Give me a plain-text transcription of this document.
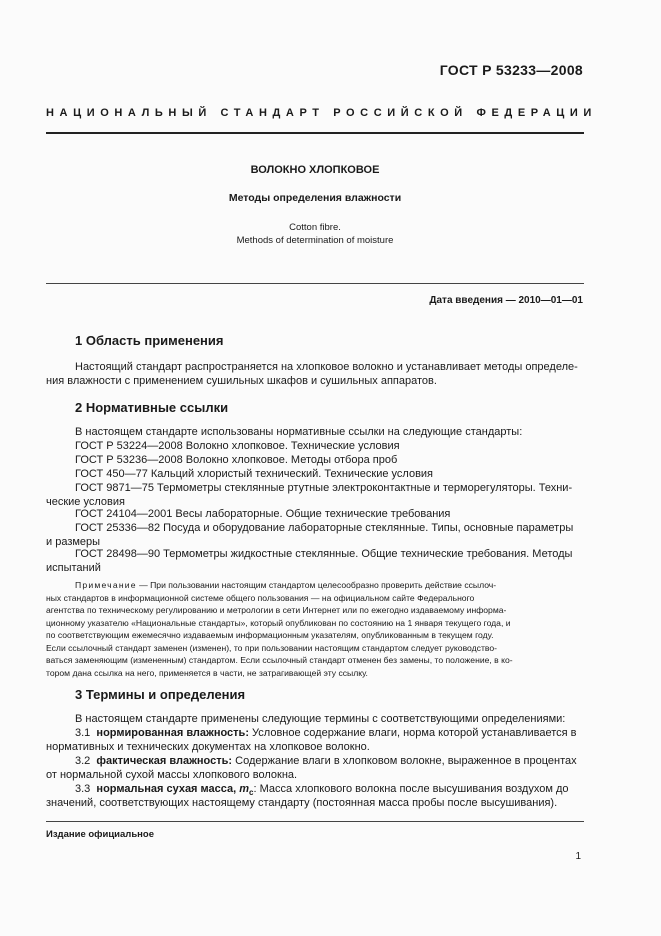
ГОСТ Р 53233—2008
НАЦИОНАЛЬНЫЙ СТАНДАРТ РОССИЙСКОЙ ФЕДЕРАЦИИ
ВОЛОКНО ХЛОПКОВОЕ
Методы определения влажности
Cotton fibre.
Methods of determination of moisture
Дата введения — 2010—01—01
1 Область применения
Настоящий стандарт распространяется на хлопковое волокно и устанавливает методы определе-
ния влажности с применением сушильных шкафов и сушильных аппаратов.
2 Нормативные ссылки
В настоящем стандарте использованы нормативные ссылки на следующие стандарты:
ГОСТ Р 53224—2008 Волокно хлопковое. Технические условия
ГОСТ Р 53236—2008 Волокно хлопковое. Методы отбора проб
ГОСТ 450—77 Кальций хлористый технический. Технические условия
ГОСТ 9871—75 Термометры стеклянные ртутные электроконтактные и терморегуляторы. Техни-
ческие условия
ГОСТ 24104—2001 Весы лабораторные. Общие технические требования
ГОСТ 25336—82 Посуда и оборудование лабораторные стеклянные. Типы, основные параметры
и размеры
ГОСТ 28498—90 Термометры жидкостные стеклянные. Общие технические требования. Методы
испытаний
Примечание — При пользовании настоящим стандартом целесообразно проверить действие ссылоч-
ных стандартов в информационной системе общего пользования — на официальном сайте Федерального
агентства по техническому регулированию и метрологии в сети Интернет или по ежегодно издаваемому информа-
ционному указателю «Национальные стандарты», который опубликован по состоянию на 1 января текущего года, и
по соответствующим ежемесячно издаваемым информационным указателям, опубликованным в текущем году.
Если ссылочный стандарт заменен (изменен), то при пользовании настоящим стандартом следует руководство-
ваться заменяющим (измененным) стандартом. Если ссылочный стандарт отменен без замены, то положение, в ко-
тором дана ссылка на него, применяется в части, не затрагивающей эту ссылку.
3 Термины и определения
В настоящем стандарте применены следующие термины с соответствующими определениями:
3.1 нормированная влажность: Условное содержание влаги, норма которой устанавливается в
нормативных и технических документах на хлопковое волокно.
3.2 фактическая влажность: Содержание влаги в хлопковом волокне, выраженное в процентах
от нормальной сухой массы хлопкового волокна.
3.3 нормальная сухая масса, $m_c$: Масса хлопкового волокна после высушивания воздухом до
значений, соответствующих настоящему стандарту (постоянная масса пробы после высушивания).
Издание официальное
1
